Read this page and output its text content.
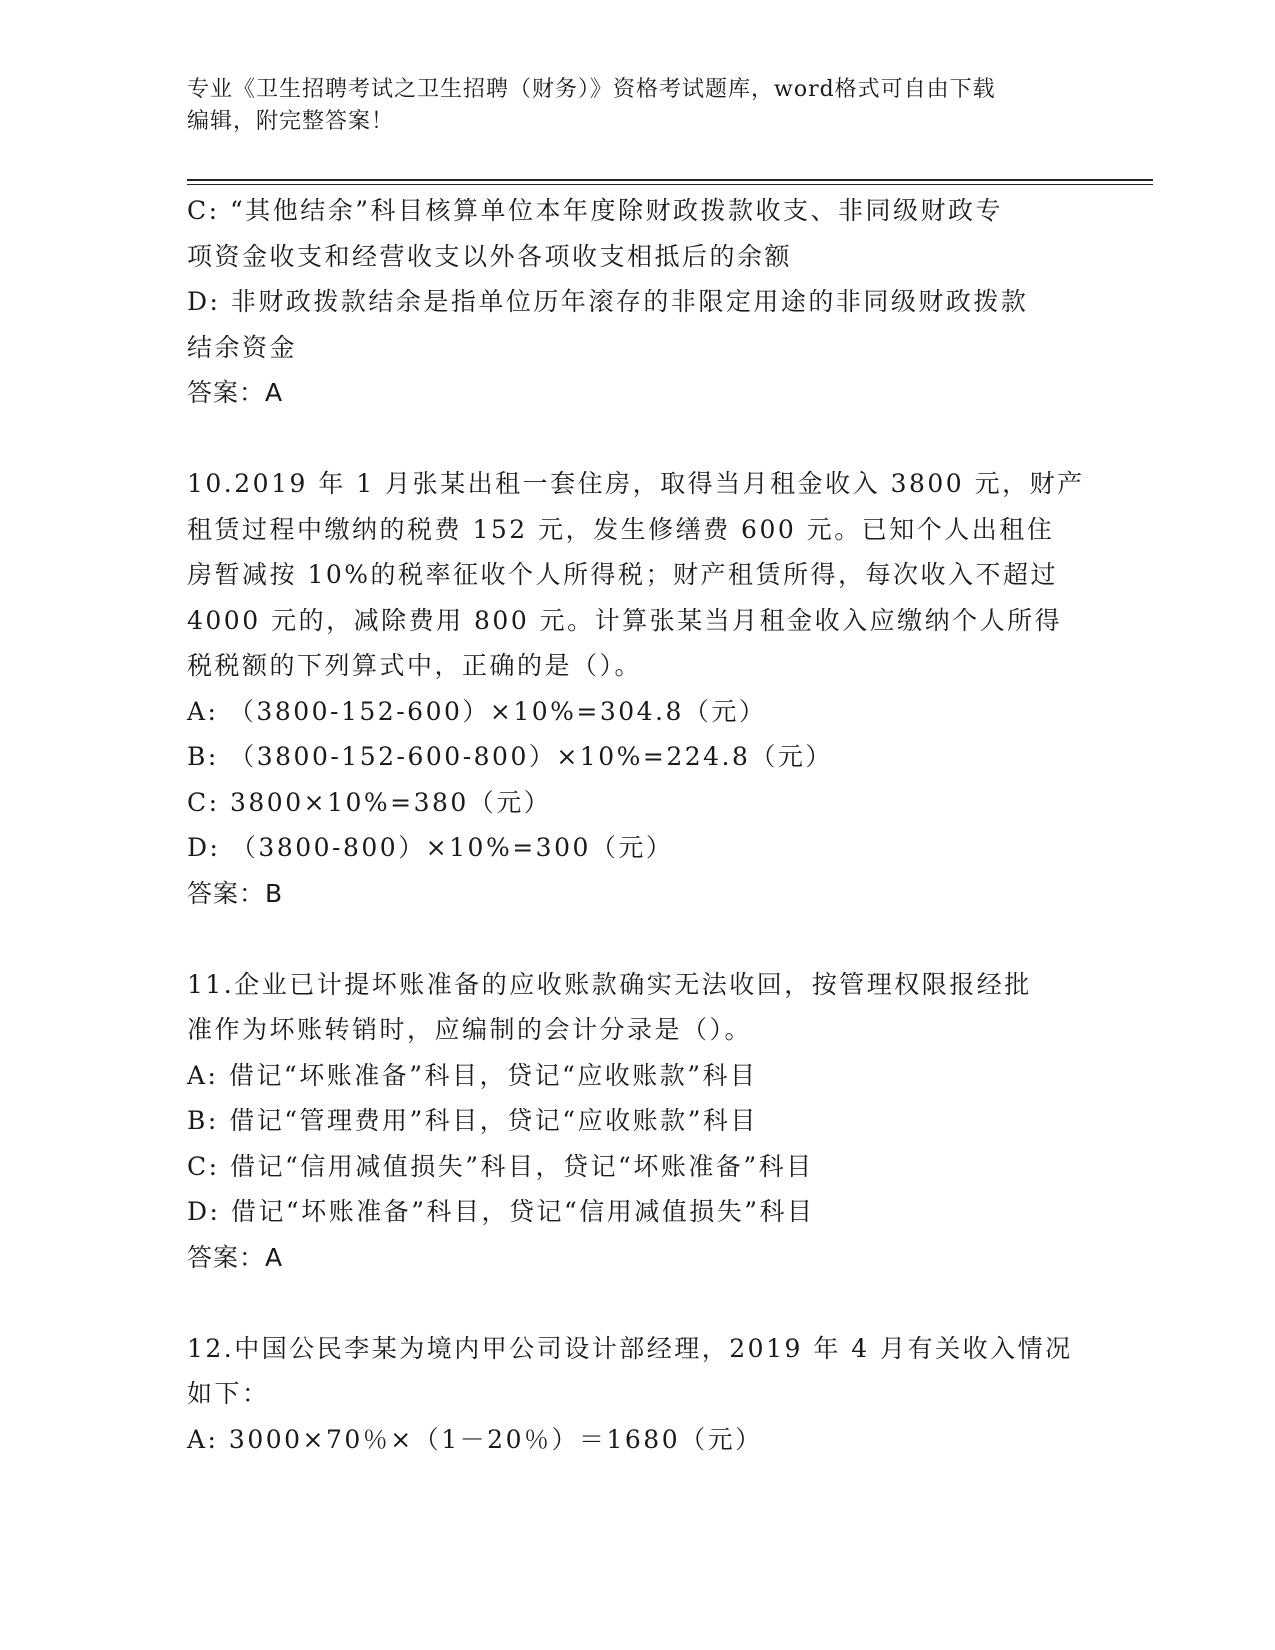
专业《卫生招聘考试之卫生招聘（财务）》资格考试题库，word格式可自由下载
编辑，附完整答案！
C: “其他结余”科目核算单位本年度除财政拨款收支、非同级财政专
项资金收支和经营收支以外各项收支相抵后的余额
D: 非财政拨款结余是指单位历年滚存的非限定用途的非同级财政拨款
结余资金
答案：A
10.2019 年 1 月张某出租一套住房，取得当月租金收入 3800 元，财产
租赁过程中缴纳的税费 152 元，发生修缮费 600 元。已知个人出租住
房暂减按 10%的税率征收个人所得税；财产租赁所得，每次收入不超过
4000 元的，减除费用 800 元。计算张某当月租金收入应缴纳个人所得
税税额的下列算式中，正确的是（）。
A: （3800-152-600）×10%=304.8（元）
B: （3800-152-600-800）×10%=224.8（元）
C: 3800×10%=380（元）
D: （3800-800）×10%=300（元）
答案：B
11.企业已计提坏账准备的应收账款确实无法收回，按管理权限报经批
准作为坏账转销时，应编制的会计分录是（）。
A: 借记“坏账准备”科目，贷记“应收账款”科目
B: 借记“管理费用”科目，贷记“应收账款”科目
C: 借记“信用减值损失”科目，贷记“坏账准备”科目
D: 借记“坏账准备”科目，贷记“信用减值损失”科目
答案：A
12.中国公民李某为境内甲公司设计部经理，2019 年 4 月有关收入情况
如下：
A: 3000×70％×（1－20％）＝1680（元）
